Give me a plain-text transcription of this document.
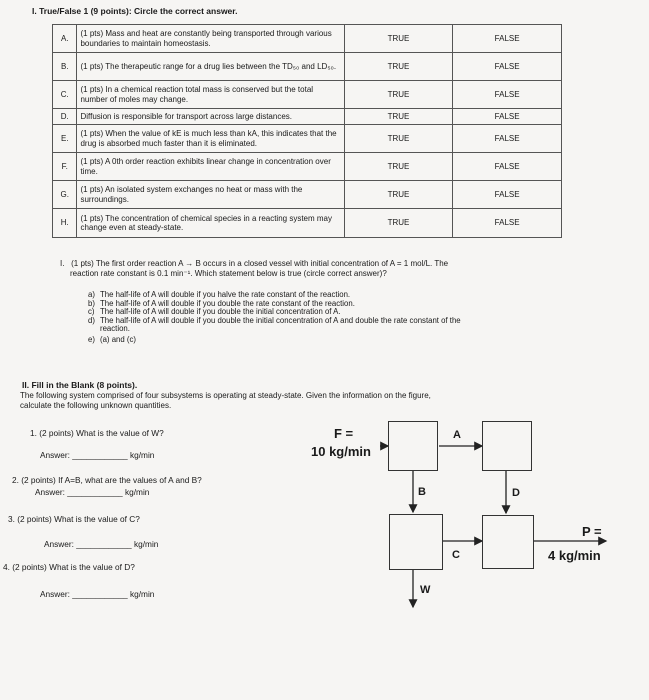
I. True/False 1 (9 points): Circle the correct answer.
A.	(1 pts) Mass and heat are constantly being transported through various boundaries to maintain homeostasis.	TRUE	FALSE
B.	(1 pts) The therapeutic range for a drug lies between the TD₅₀ and LD₅₀.	TRUE	FALSE
C.	(1 pts) In a chemical reaction total mass is conserved but the total number of moles may change.	TRUE	FALSE
D.	Diffusion is responsible for transport across large distances.	TRUE	FALSE
E.	(1 pts) When the value of kE is much less than kA, this indicates that the drug is absorbed much faster than it is eliminated.	TRUE	FALSE
F.	(1 pts) A 0th order reaction exhibits linear change in concentration over time.	TRUE	FALSE
G.	(1 pts) An isolated system exchanges no heat or mass with the surroundings.	TRUE	FALSE
H.	(1 pts) The concentration of chemical species in a reacting system may change even at steady-state.	TRUE	FALSE
I. (1 pts) The first order reaction A → B occurs in a closed vessel with initial concentration of A = 1 mol/L. The
reaction rate constant is 0.1 min⁻¹. Which statement below is true (circle correct answer)?
a) The half-life of A will double if you halve the rate constant of the reaction.
b) The half-life of A will double if you double the rate constant of the reaction.
c) The half-life of A will double if you double the initial concentration of A.
d) The half-life of A will double if you double the initial concentration of A and double the rate constant of the
reaction.
e) (a) and (c)
II. Fill in the Blank (8 points).
The following system comprised of four subsystems is operating at steady-state. Given the information on the figure,
calculate the following unknown quantities.
1. (2 points) What is the value of W?
Answer: ____________ kg/min
2. (2 points) If A=B, what are the values of A and B?
Answer: ____________ kg/min
3. (2 points) What is the value of C?
Answer: ____________ kg/min
4. (2 points) What is the value of D?
Answer: ____________ kg/min
F =
10 kg/min
A
B	D
C
W
P =
4 kg/min
